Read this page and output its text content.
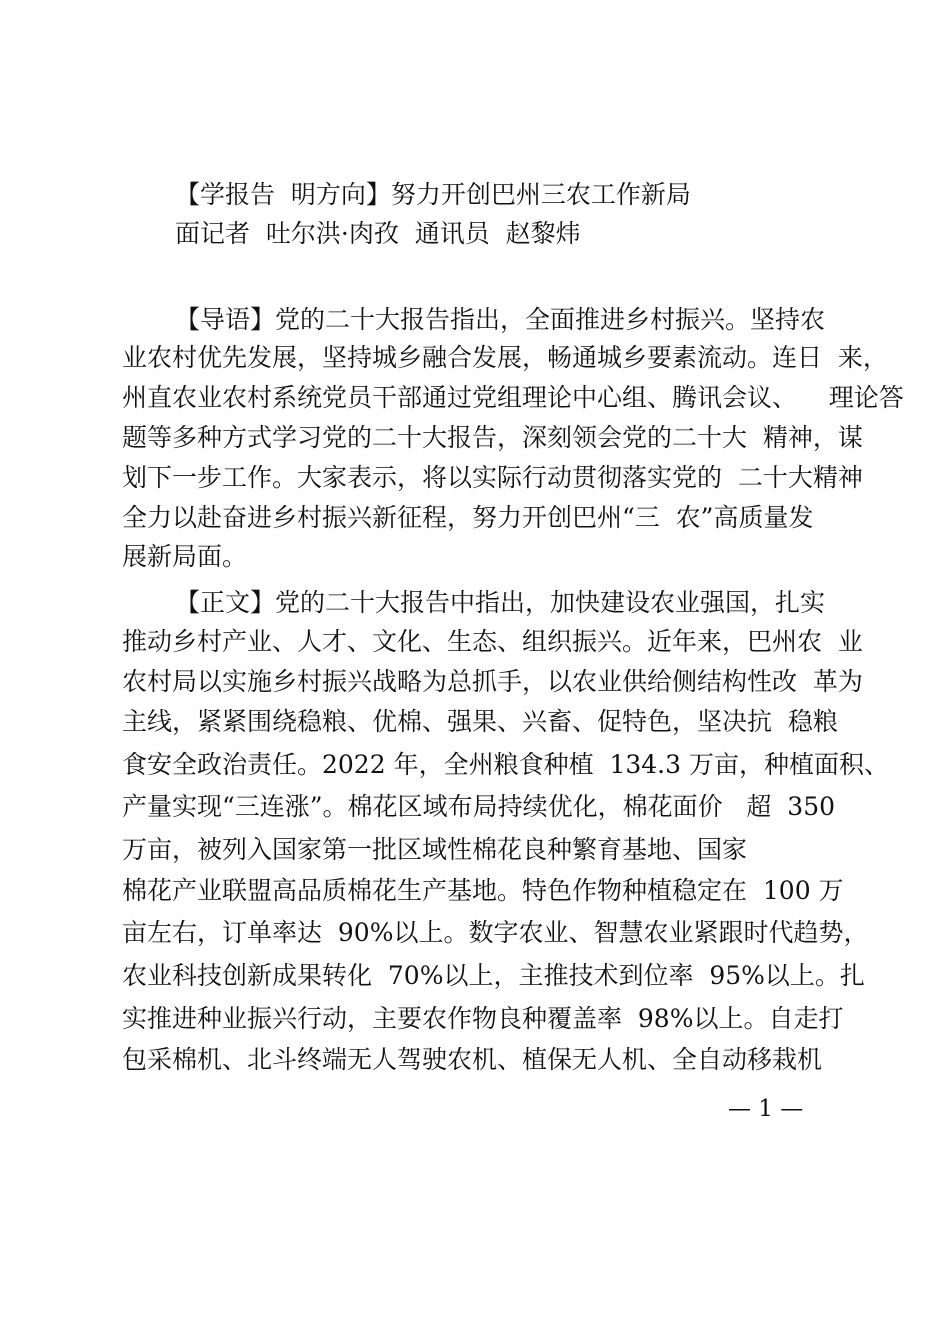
【学报告  明方向】努力开创巴州三农工作新局
面记者  吐尔洪·肉孜  通讯员  赵黎炜
【导语】党的二十大报告指出，全面推进乡村振兴。坚持农
业农村优先发展，坚持城乡融合发展，畅通城乡要素流动。连日  来，
州直农业农村系统党员干部通过党组理论中心组、腾讯会议、    理论答
题等多种方式学习党的二十大报告，深刻领会党的二十大  精神，谋
划下一步工作。大家表示，将以实际行动贯彻落实党的  二十大精神
全力以赴奋进乡村振兴新征程，努力开创巴州“三  农”高质量发
展新局面。
【正文】党的二十大报告中指出，加快建设农业强国，扎实
推动乡村产业、人才、文化、生态、组织振兴。近年来，巴州农  业
农村局以实施乡村振兴战略为总抓手，以农业供给侧结构性改  革为
主线，紧紧围绕稳粮、优棉、强果、兴畜、促特色，坚决抗  稳粮
食安全政治责任。2022 年，全州粮食种植  134.3 万亩，种植面积、
产量实现“三连涨”。棉花区域布局持续优化，棉花面价   超  350
万亩，被列入国家第一批区域性棉花良种繁育基地、国家
棉花产业联盟高品质棉花生产基地。特色作物种植稳定在  100 万
亩左右，订单率达  90%以上。数字农业、智慧农业紧跟时代趋势，
农业科技创新成果转化  70%以上，主推技术到位率  95%以上。扎
实推进种业振兴行动，主要农作物良种覆盖率  98%以上。自走打
包采棉机、北斗终端无人驾驶农机、植保无人机、全自动移栽机
— 1 —
